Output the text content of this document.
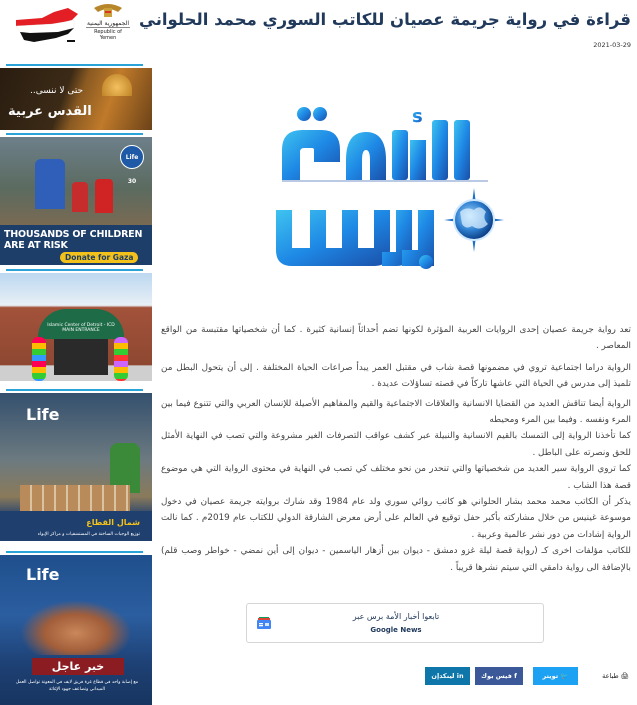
الجمهورية اليمنية
Republic of Yemen
حتى لا ننسى..
القدس عربية
Life 30
THOUSANDS OF CHILDREN ARE AT RISK
Donate for Gaza
Islamic Center of Detroit - ICD
MAIN ENTRANCE
Life
شمال القطاع
توزيع الوجبات الساخنة في المستشفيات و مراكز الإيواء
Life
خبر عاجل
مع إصابة واحد في قطاع غزة فريق لايف في المعونة تواصل العمل الميداني وتضاعف جهود الإغاثة
قراءة في رواية جريمة عصيان للكاتب السوري محمد الحلواني
2021-03-29
s

تعد رواية جريمة عصيان إحدى الروايات العربية المؤثرة لكونها تضم أحداثاً إنسانية كثيرة . كما أن شخصياتها مقتبسة من الواقع المعاصر .

الرواية دراما اجتماعية تروي في مضمونها قصة شاب في مقتبل العمر يبدأ صراعات الحياة المختلفة . إلى أن يتحول البطل من تلميذ إلى مدرس في الحياة التي عاشها تاركاً في قصته تساؤلات عديدة .

الرواية أيضا تناقش العديد من القضايا الانسانية والعلاقات الاجتماعية والقيم والمفاهيم الأصيلة للإنسان العربي والتي تتنوع فيما بين المرء ونفسه . وفيما بين المرء ومحيطه

كما تأخذنا الرواية إلى التمسك بالقيم الانسانية والنبيلة عبر كشف عواقب التصرفات الغير مشروعة والتي تصب في النهاية الأمثل للحق ونصرته على الباطل .

كما تروي الرواية سير العديد من شخصياتها والتي تنحدر من نحو مختلف كي تصب في النهاية في محتوى الرواية التي هي موضوع قصة هذا الشاب .

يذكر أن الكاتب محمد محمد بشار الحلواني هو كاتب روائي سوري ولد عام 1984 وقد شارك بروايته جريمة عصيان في دخول موسوعة غينيس من خلال مشاركته بأكبر حفل توقيع في العالم على أرض معرض الشارقة الدولي للكتاب عام 2019م . كما نالت الرواية إشادات من دور نشر عالمية وعربية .

للكاتب مؤلفات اخرى كـ (رواية قصة ليلة غزو دمشق - ديوان بين أزهار الياسمين - ديوان إلى أين نمضي - خواطر وصب قلم) بالإضافة الى رواية دامقي التي سيتم نشرها قريباً .

تابعوا أخبار الأمة برس عبر
Google News
🖨 طباعة
🐦 تويتر
f فيس بوك
in لينكدإن
